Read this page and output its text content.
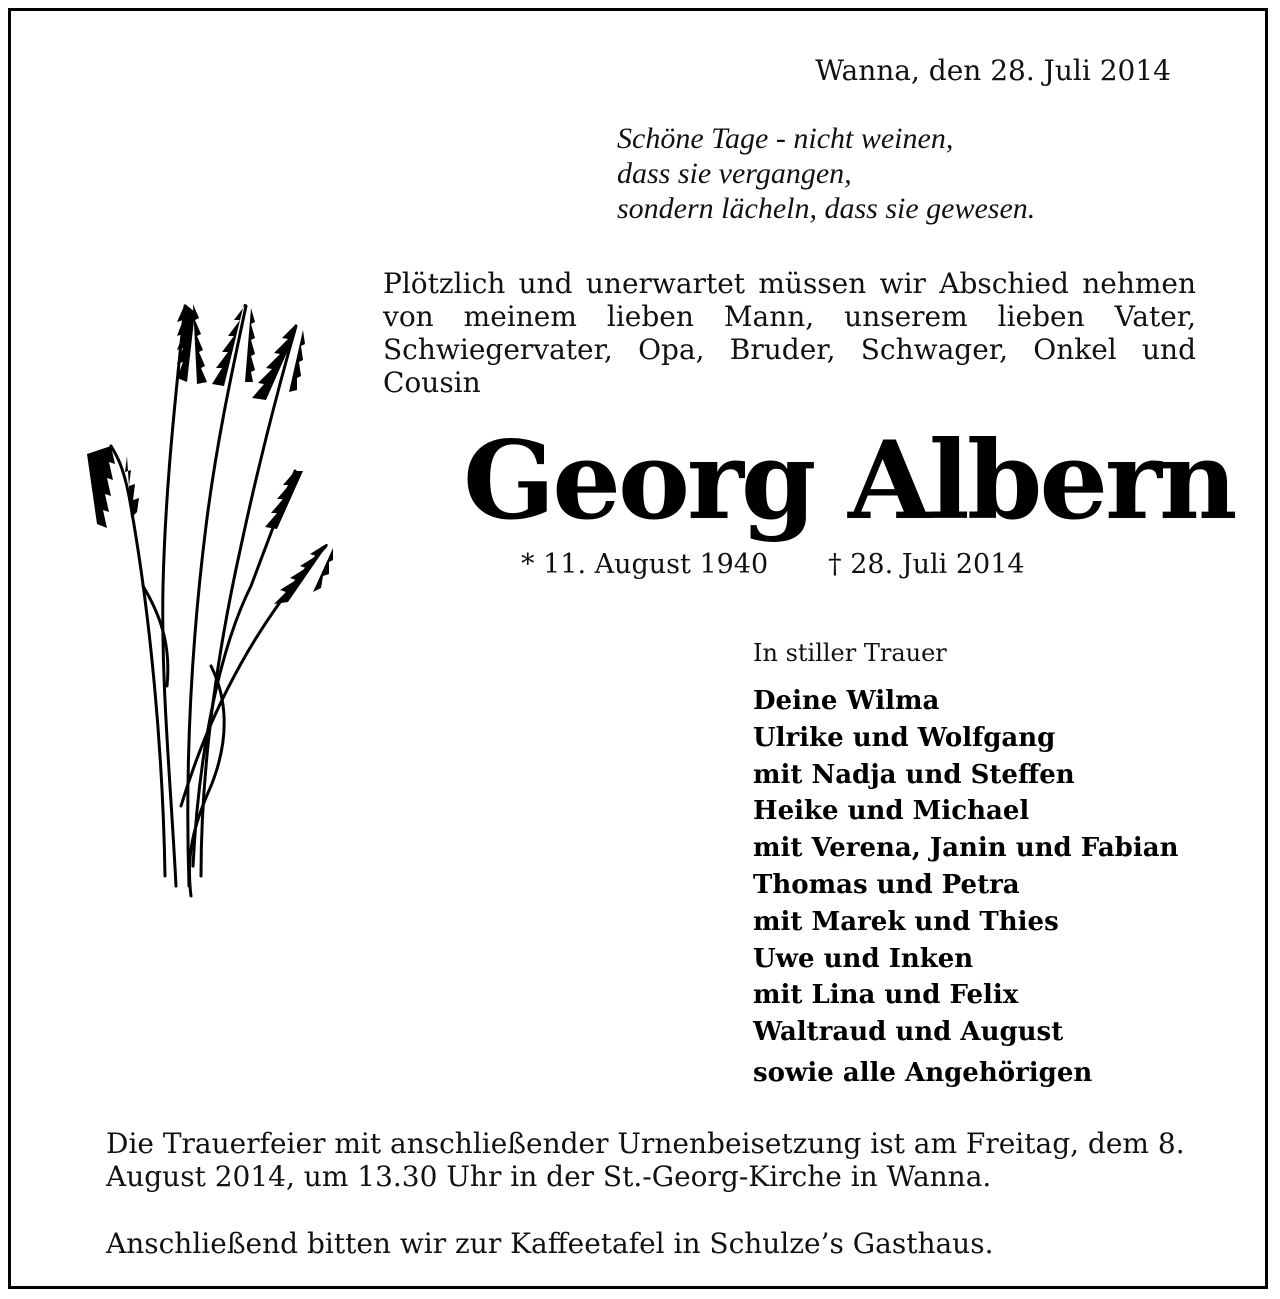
Wanna, den 28. Juli 2014
Schöne Tage - nicht weinen,
dass sie vergangen,
sondern lächeln, dass sie gewesen.
Plötzlich und unerwartet müssen wir Abschied nehmen von meinem lieben Mann, unserem lieben Vater, Schwiegervater, Opa, Bruder, Schwager, Onkel und Cousin
Georg Albern
* 11. August 1940 † 28. Juli 2014
In stiller Trauer
Deine Wilma
Ulrike und Wolfgang
mit Nadja und Steffen
Heike und Michael
mit Verena, Janin und Fabian
Thomas und Petra
mit Marek und Thies
Uwe und Inken
mit Lina und Felix
Waltraud und August
sowie alle Angehörigen
Die Trauerfeier mit anschließender Urnenbeisetzung ist am Freitag, dem 8. August 2014, um 13.30 Uhr in der St.-Georg-Kirche in Wanna.
Anschließend bitten wir zur Kaffeetafel in Schulze’s Gasthaus.
